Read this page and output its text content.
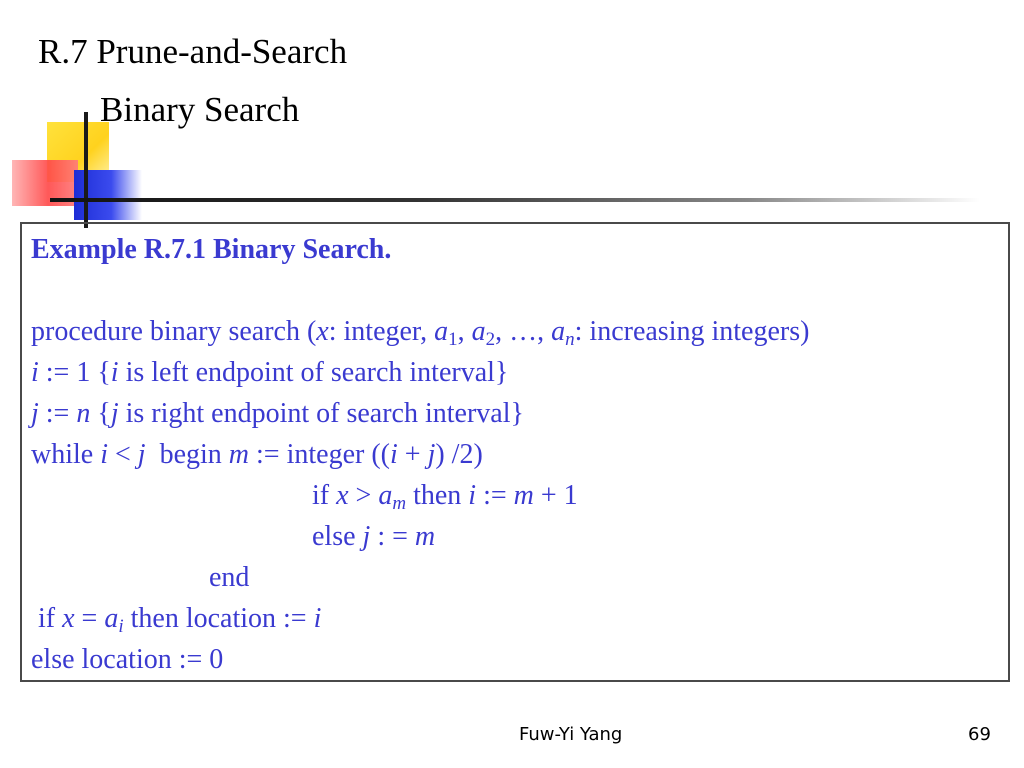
R.7 Prune-and-Search
Binary Search
Example R.7.1 Binary Search.
procedure binary search (x: integer, $a_1$, $a_2$, …, $a_n$: increasing integers)
i := 1 {i is left endpoint of search interval}
j := n {j is right endpoint of search interval}
while i < j  begin m := integer ((i + j) /2)
if $x > a_m$ then i := m + 1
else j : = m
end
if $x = a_i$ then location := i
else location := 0
Fuw-Yi Yang	69
